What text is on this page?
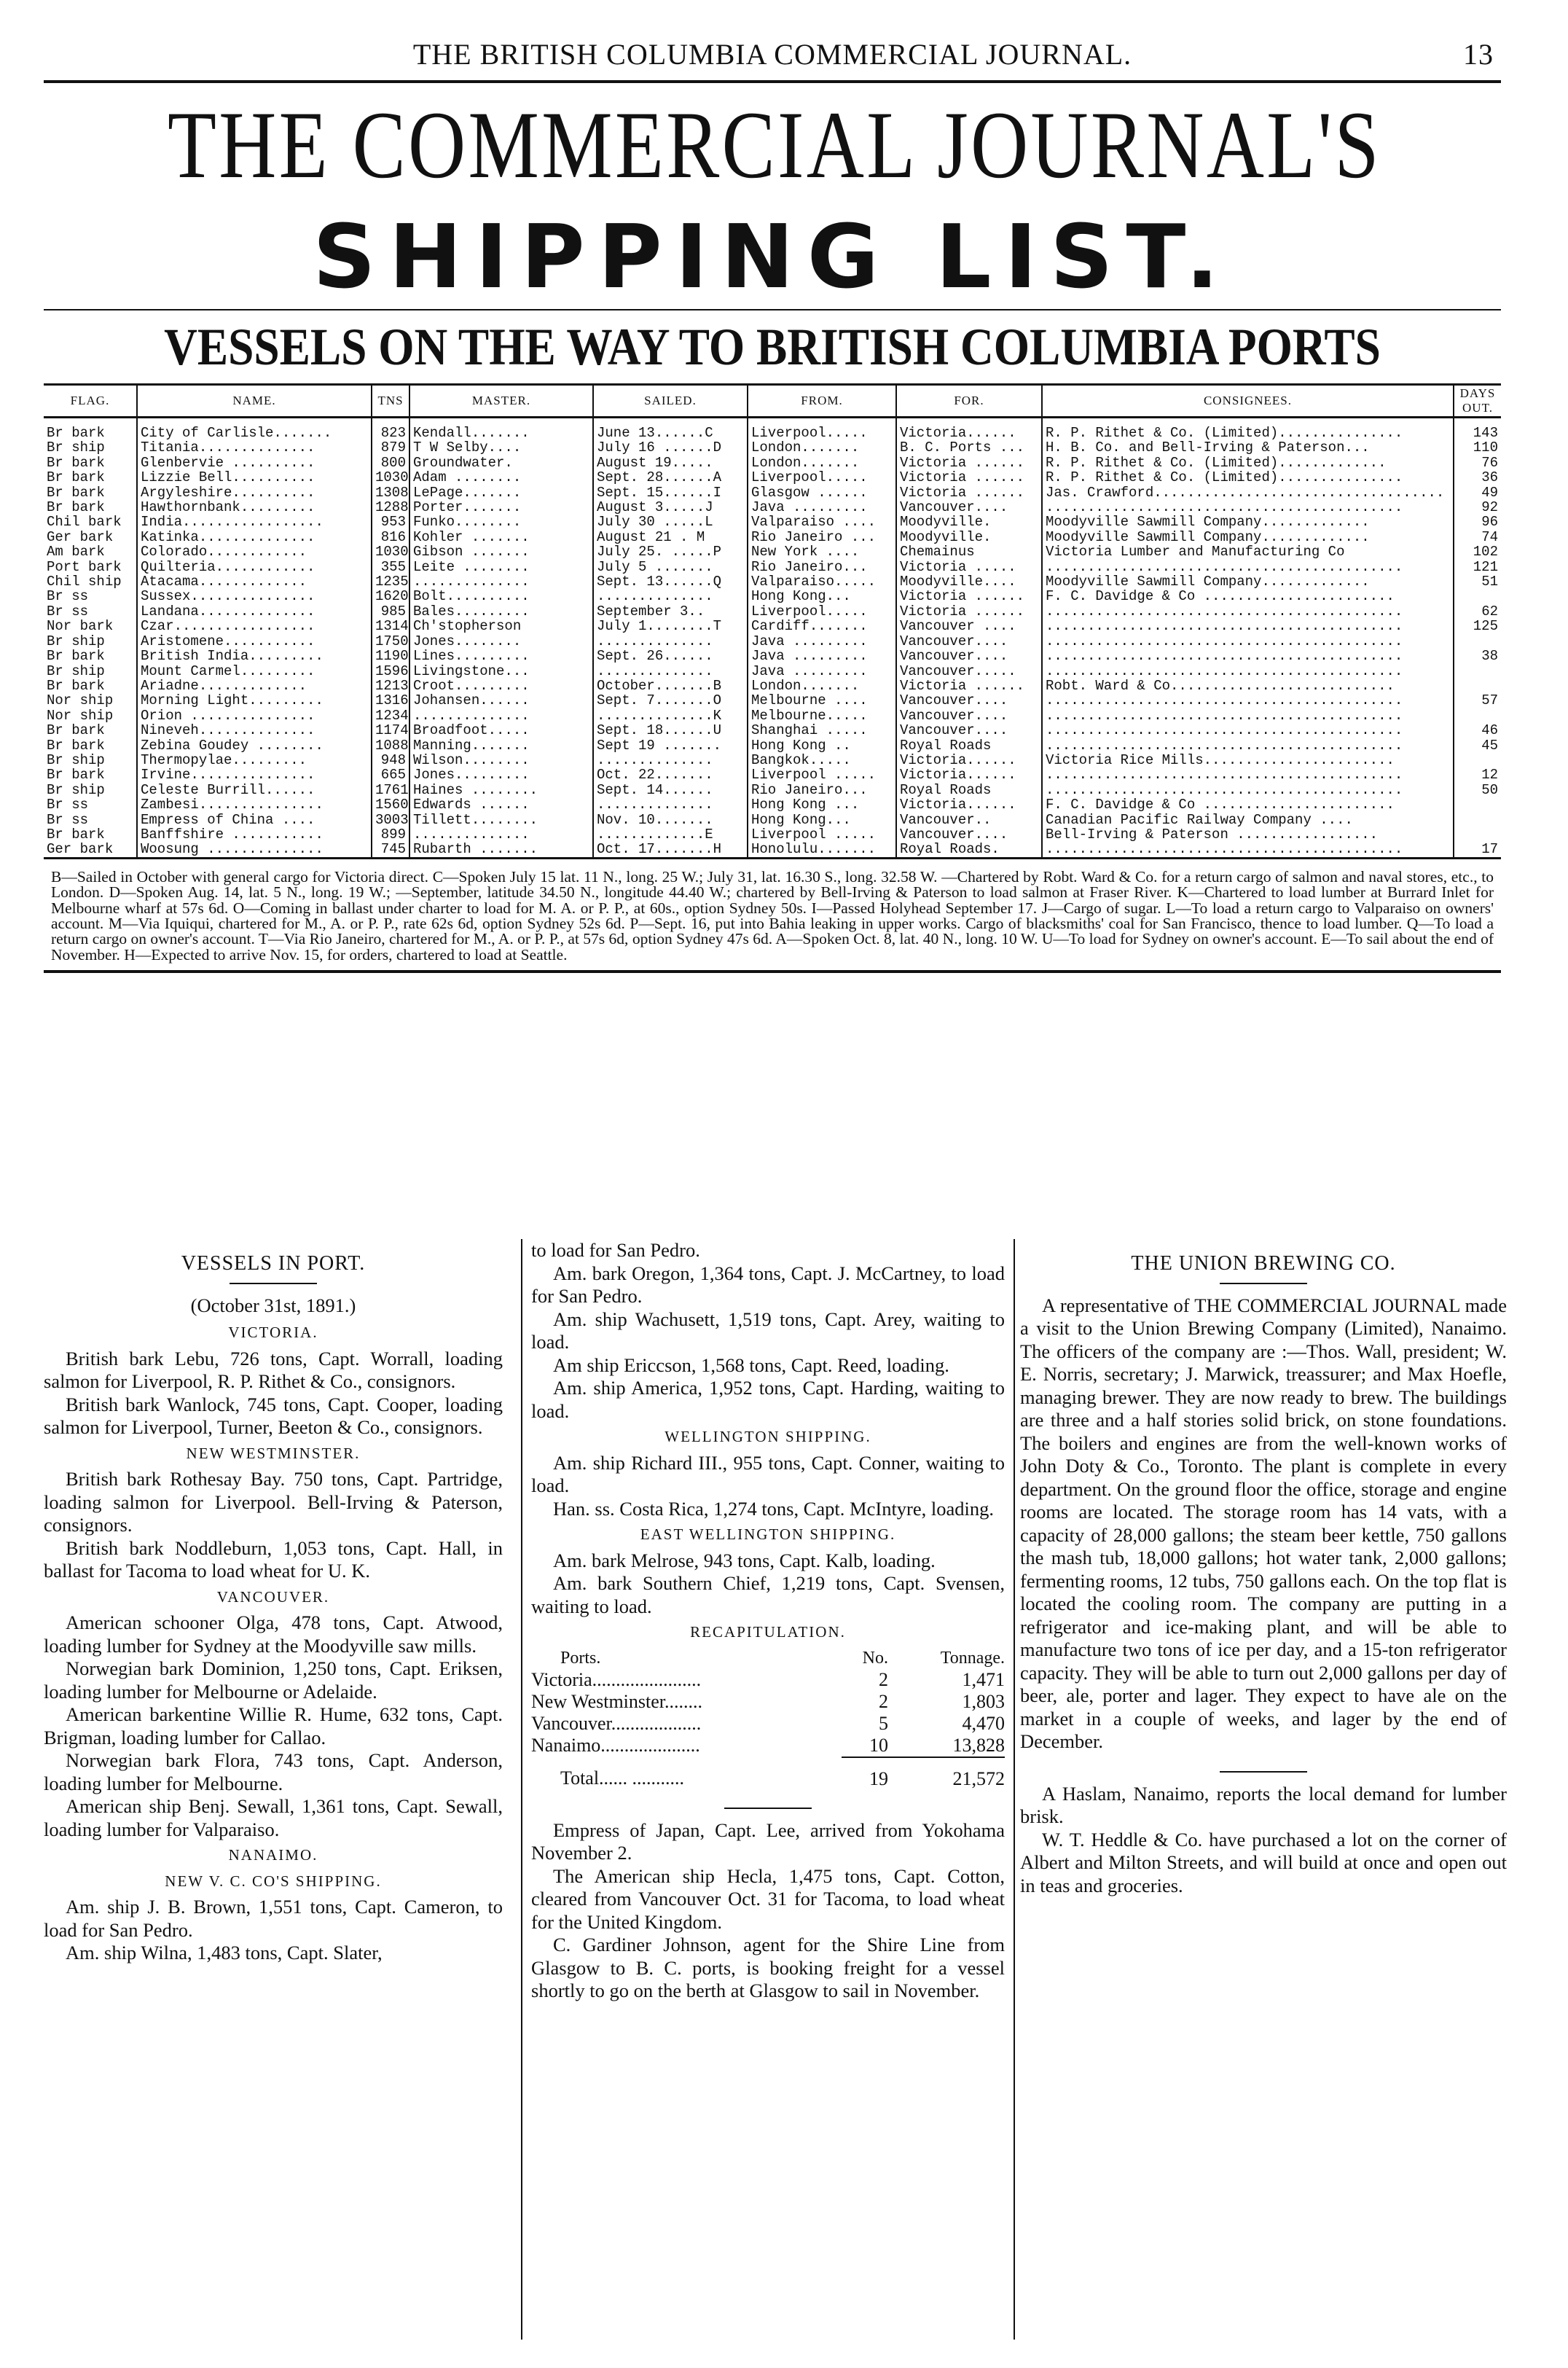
THE BRITISH COLUMBIA COMMERCIAL JOURNAL.	13
THE COMMERCIAL JOURNAL'S
SHIPPING LIST.
VESSELS ON THE WAY TO BRITISH COLUMBIA PORTS
FLAG.	NAME.	TNS	MASTER.	SAILED.	FROM.	FOR.	CONSIGNEES.	DAYS OUT.
Br bark	City of Carlisle.......	823	Kendall.......	June 13......C	Liverpool.....	Victoria......	R. P. Rithet & Co. (Limited)...............	143
Br ship	Titania..............	879	T W Selby....	July 16 ......D	London.......	B. C. Ports ...	H. B. Co. and Bell-Irving & Paterson...	110
Br bark	Glenbervie ..........	800	Groundwater.	August 19.....	London.......	Victoria ......	R. P. Rithet & Co. (Limited).............	76
Br bark	Lizzie Bell..........	1030	Adam ........	Sept. 28......A	Liverpool.....	Victoria ......	R. P. Rithet & Co. (Limited)...............	36
Br bark	Argyleshire..........	1308	LePage.......	Sept. 15......I	Glasgow ......	Victoria ......	Jas. Crawford...................................	49
Br bark	Hawthornbank.........	1288	Porter.......	August 3.....J	Java .........	Vancouver....	...........................................	92
Chil bark	India.................	953	Funko........	July 30 .....L	Valparaiso ....	Moodyville.	Moodyville Sawmill Company.............	96
Ger bark	Katinka..............	816	Kohler .......	August 21 . M	Rio Janeiro ...	Moodyville.	Moodyville Sawmill Company.............	74
Am bark	Colorado............	1030	Gibson .......	July 25. .....P	New York ....	Chemainus	Victoria Lumber and Manufacturing Co	102
Port bark	Quilteria............	355	Leite ........	July 5 .......	Rio Janeiro...	Victoria .....	...........................................	121
Chil ship	Atacama.............	1235	..............	Sept. 13......Q	Valparaiso.....	Moodyville....	Moodyville Sawmill Company.............	51
Br ss	Sussex...............	1620	Bolt..........	..............	Hong Kong...	Victoria ......	F. C. Davidge & Co .......................	
Br ss	Landana..............	985	Bales.........	September 3..	Liverpool.....	Victoria ......	...........................................	62
Nor bark	Czar.................	1314	Ch'stopherson	July 1........T	Cardiff.......	Vancouver ....	...........................................	125
Br ship	Aristomene...........	1750	Jones........	..............	Java .........	Vancouver....	...........................................	
Br bark	British India.........	1190	Lines.........	Sept. 26......	Java .........	Vancouver....	...........................................	38
Br ship	Mount Carmel.........	1596	Livingstone...	..............	Java .........	Vancouver.....	...........................................	
Br bark	Ariadne.............	1213	Croot.........	October.......B	London.......	Victoria ......	Robt. Ward & Co...........................	
Nor ship	Morning Light.........	1316	Johansen......	Sept. 7.......O	Melbourne ....	Vancouver....	...........................................	57
Nor ship	Orion ...............	1234	..............	..............K	Melbourne.....	Vancouver....	...........................................	
Br bark	Nineveh..............	1174	Broadfoot.....	Sept. 18......U	Shanghai .....	Vancouver....	...........................................	46
Br bark	Zebina Goudey ........	1088	Manning.......	Sept 19 .......	Hong Kong ..	Royal Roads	...........................................	45
Br ship	Thermopylae.........	948	Wilson........	..............	Bangkok.....	Victoria......	Victoria Rice Mills.......................	
Br bark	Irvine...............	665	Jones.........	Oct. 22.......	Liverpool .....	Victoria......	...........................................	12
Br ship	Celeste Burrill......	1761	Haines ........	Sept. 14......	Rio Janeiro...	Royal Roads	...........................................	50
Br ss	Zambesi...............	1560	Edwards ......	..............	Hong Kong ...	Victoria......	F. C. Davidge & Co .......................	
Br ss	Empress of China ....	3003	Tillett........	Nov. 10.......	Hong Kong...	Vancouver..	Canadian Pacific Railway Company ....	
Br bark	Banffshire ...........	899	..............	.............E	Liverpool .....	Vancouver....	Bell-Irving & Paterson .................	
Ger bark	Woosung ..............	745	Rubarth .......	Oct. 17.......H	Honolulu.......	Royal Roads.	...........................................	17
B—Sailed in October with general cargo for Victoria direct. C—Spoken July 15 lat. 11 N., long. 25 W.; July 31, lat. 16.30 S., long. 32.58 W. —Chartered by Robt. Ward & Co. for a return cargo of salmon and naval stores, etc., to London. D—Spoken Aug. 14, lat. 5 N., long. 19 W.; —September, latitude 34.50 N., longitude 44.40 W.; chartered by Bell-Irving & Paterson to load salmon at Fraser River. K—Chartered to load lumber at Burrard Inlet for Melbourne wharf at 57s 6d. O—Coming in ballast under charter to load for M. A. or P. P., at 60s., option Sydney 50s. I—Passed Holyhead September 17. J—Cargo of sugar. L—To load a return cargo to Valparaiso on owners' account. M—Via Iquiqui, chartered for M., A. or P. P., rate 62s 6d, option Sydney 52s 6d. P—Sept. 16, put into Bahia leaking in upper works. Cargo of blacksmiths' coal for San Francisco, thence to load lumber. Q—To load a return cargo on owner's account. T—Via Rio Janeiro, chartered for M., A. or P. P., at 57s 6d, option Sydney 47s 6d. A—Spoken Oct. 8, lat. 40 N., long. 10 W. U—To load for Sydney on owner's account. E—To sail about the end of November. H—Expected to arrive Nov. 15, for orders, chartered to load at Seattle.
VESSELS IN PORT.
(October 31st, 1891.)
VICTORIA.

British bark Lebu, 726 tons, Capt. Worrall, loading salmon for Liverpool, R. P. Rithet & Co., consignors.

British bark Wanlock, 745 tons, Capt. Cooper, loading salmon for Liverpool, Turner, Beeton & Co., consignors.

NEW WESTMINSTER.

British bark Rothesay Bay. 750 tons, Capt. Partridge, loading salmon for Liverpool. Bell-Irving & Paterson, consignors.

British bark Noddleburn, 1,053 tons, Capt. Hall, in ballast for Tacoma to load wheat for U. K.

VANCOUVER.

American schooner Olga, 478 tons, Capt. Atwood, loading lumber for Sydney at the Moodyville saw mills.

Norwegian bark Dominion, 1,250 tons, Capt. Eriksen, loading lumber for Melbourne or Adelaide.

American barkentine Willie R. Hume, 632 tons, Capt. Brigman, loading lumber for Callao.

Norwegian bark Flora, 743 tons, Capt. Anderson, loading lumber for Melbourne.

American ship Benj. Sewall, 1,361 tons, Capt. Sewall, loading lumber for Valparaiso.

NANAIMO.
NEW V. C. CO'S SHIPPING.

Am. ship J. B. Brown, 1,551 tons, Capt. Cameron, to load for San Pedro.

Am. ship Wilna, 1,483 tons, Capt. Slater,

to load for San Pedro.

Am. bark Oregon, 1,364 tons, Capt. J. McCartney, to load for San Pedro.

Am. ship Wachusett, 1,519 tons, Capt. Arey, waiting to load.

Am ship Ericcson, 1,568 tons, Capt. Reed, loading.

Am. ship America, 1,952 tons, Capt. Harding, waiting to load.

WELLINGTON SHIPPING.

Am. ship Richard III., 955 tons, Capt. Conner, waiting to load.

Han. ss. Costa Rica, 1,274 tons, Capt. McIntyre, loading.

EAST WELLINGTON SHIPPING.

Am. bark Melrose, 943 tons, Capt. Kalb, loading.

Am. bark Southern Chief, 1,219 tons, Capt. Svensen, waiting to load.

RECAPITULATION.
Ports.	No.	Tonnage.
Victoria.......................	2	1,471
New Westminster........	2	1,803
Vancouver...................	5	4,470
Nanaimo.....................	10	13,828
Total...... ...........	19	21,572

Empress of Japan, Capt. Lee, arrived from Yokohama November 2.

The American ship Hecla, 1,475 tons, Capt. Cotton, cleared from Vancouver Oct. 31 for Tacoma, to load wheat for the United Kingdom.

C. Gardiner Johnson, agent for the Shire Line from Glasgow to B. C. ports, is booking freight for a vessel shortly to go on the berth at Glasgow to sail in November.

THE UNION BREWING CO.

A representative of THE COMMERCIAL JOURNAL made a visit to the Union Brewing Company (Limited), Nanaimo. The officers of the company are :—Thos. Wall, president; W. E. Norris, secretary; J. Marwick, treassurer; and Max Hoefle, managing brewer. They are now ready to brew. The buildings are three and a half stories solid brick, on stone foundations. The boilers and engines are from the well-known works of John Doty & Co., Toronto. The plant is complete in every department. On the ground floor the office, storage and engine rooms are located. The storage room has 14 vats, with a capacity of 28,000 gallons; the steam beer kettle, 750 gallons the mash tub, 18,000 gallons; hot water tank, 2,000 gallons; fermenting rooms, 12 tubs, 750 gallons each. On the top flat is located the cooling room. The company are putting in a refrigerator and ice-making plant, and will be able to manufacture two tons of ice per day, and a 15-ton refrigerator capacity. They will be able to turn out 2,000 gallons per day of beer, ale, porter and lager. They expect to have ale on the market in a couple of weeks, and lager by the end of December.

A Haslam, Nanaimo, reports the local demand for lumber brisk.

W. T. Heddle & Co. have purchased a lot on the corner of Albert and Milton Streets, and will build at once and open out in teas and groceries.
